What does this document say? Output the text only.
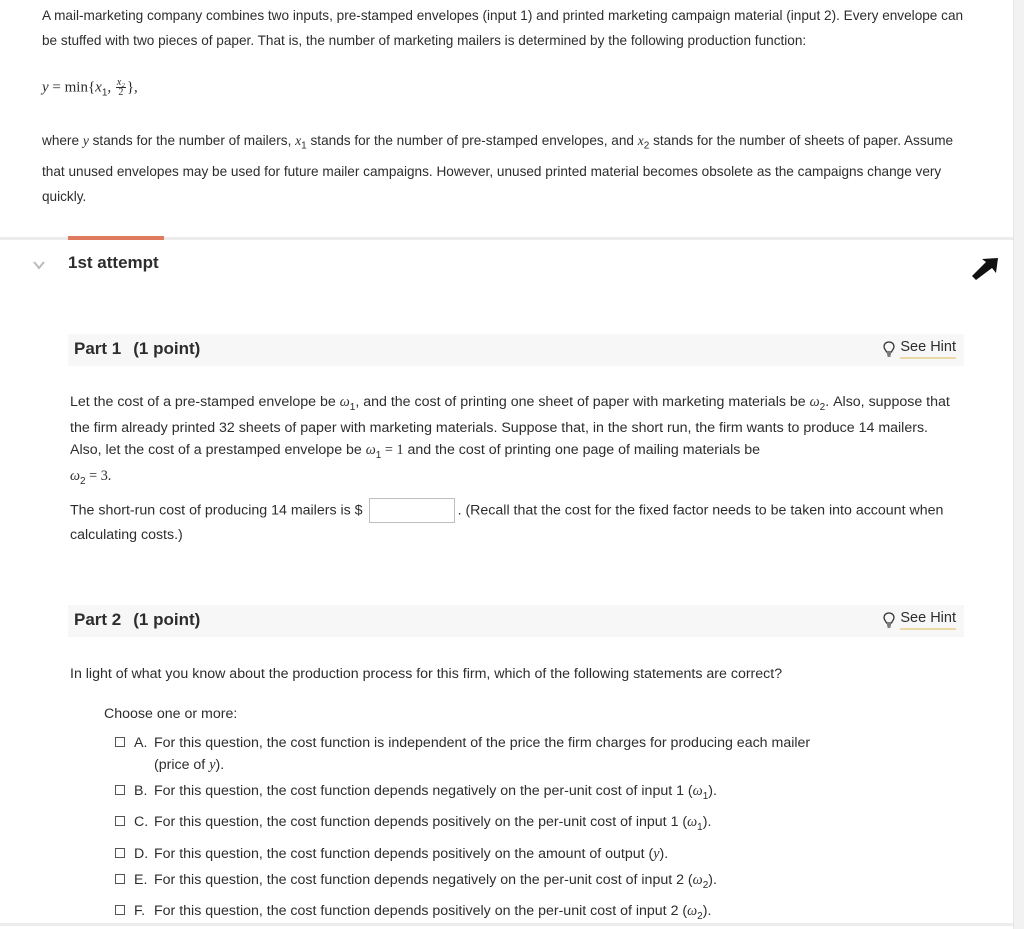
A mail-marketing company combines two inputs, pre-stamped envelopes (input 1) and printed marketing campaign material (input 2). Every envelope can be stuffed with two pieces of paper. That is, the number of marketing mailers is determined by the following production function:

$y = \min\{x_1$, $\frac{\text{x₂}}{2}$ },
where y stands for the number of mailers, $x_1$ stands for the number of pre-stamped envelopes, and $x_2$ stands for the number of sheets of paper. Assume that unused envelopes may be used for future mailer campaigns. However, unused printed material becomes obsolete as the campaigns change very quickly.
1st attempt
Part 1 (1 point)	See Hint
Let the cost of a pre-stamped envelope be $\omega_1$, and the cost of printing one sheet of paper with marketing materials be $\omega_2$. Also, suppose that the firm already printed 32 sheets of paper with marketing materials. Suppose that, in the short run, the firm wants to produce 14 mailers. Also, let the cost of a prestamped envelope be $\omega_1 = 1$ and the cost of printing one page of mailing materials be
$\omega_2 = 3$.
The short-run cost of producing 14 mailers is $	. (Recall that the cost for the fixed factor needs to be taken into account when calculating costs.)
Part 2 (1 point)	See Hint
In light of what you know about the production process for this firm, which of the following statements are correct?
Choose one or more:
A. For this question, the cost function is independent of the price the firm charges for producing each mailer
(price of y).
B. For this question, the cost function depends negatively on the per-unit cost of input 1 $(\omega_1)$.
C. For this question, the cost function depends positively on the per-unit cost of input 1 $(\omega_1)$.
D. For this question, the cost function depends positively on the amount of output (y).
E. For this question, the cost function depends negatively on the per-unit cost of input 2 $(\omega_2)$.
F. For this question, the cost function depends positively on the per-unit cost of input 2 $(\omega_2)$.
